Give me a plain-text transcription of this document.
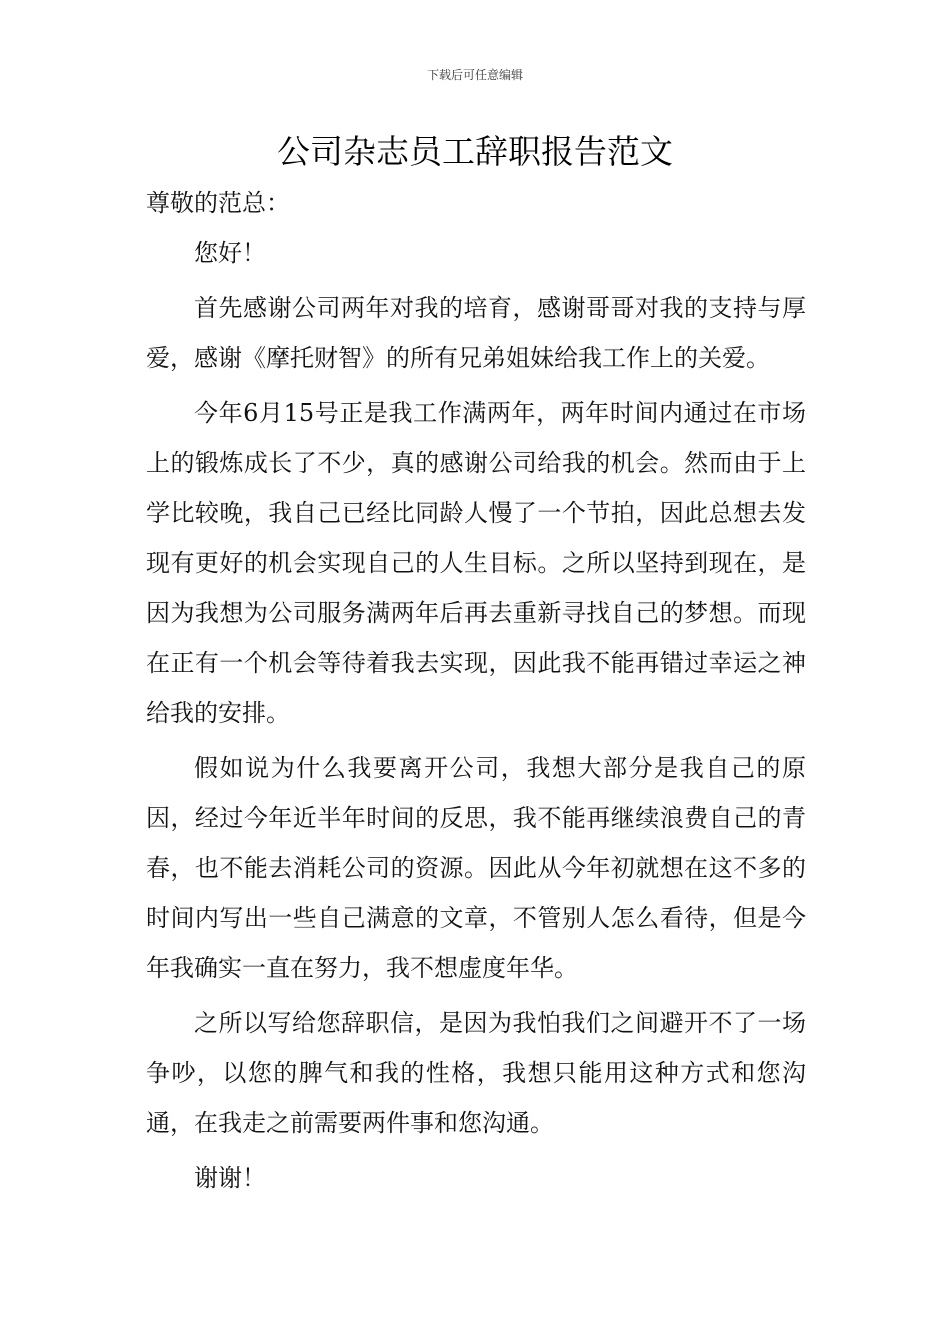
下载后可任意编辑
公司杂志员工辞职报告范文

尊敬的范总：

您好！

首先感谢公司两年对我的培育，感谢哥哥对我的支持与厚爱，感谢《摩托财智》的所有兄弟姐妹给我工作上的关爱。

今年6月15号正是我工作满两年，两年时间内通过在市场上的锻炼成长了不少，真的感谢公司给我的机会。然而由于上学比较晚，我自己已经比同龄人慢了一个节拍，因此总想去发现有更好的机会实现自己的人生目标。之所以坚持到现在，是因为我想为公司服务满两年后再去重新寻找自己的梦想。而现在正有一个机会等待着我去实现，因此我不能再错过幸运之神给我的安排。

假如说为什么我要离开公司，我想大部分是我自己的原因，经过今年近半年时间的反思，我不能再继续浪费自己的青春，也不能去消耗公司的资源。因此从今年初就想在这不多的时间内写出一些自己满意的文章，不管别人怎么看待，但是今年我确实一直在努力，我不想虚度年华。

之所以写给您辞职信，是因为我怕我们之间避开不了一场争吵，以您的脾气和我的性格，我想只能用这种方式和您沟通，在我走之前需要两件事和您沟通。

谢谢！
